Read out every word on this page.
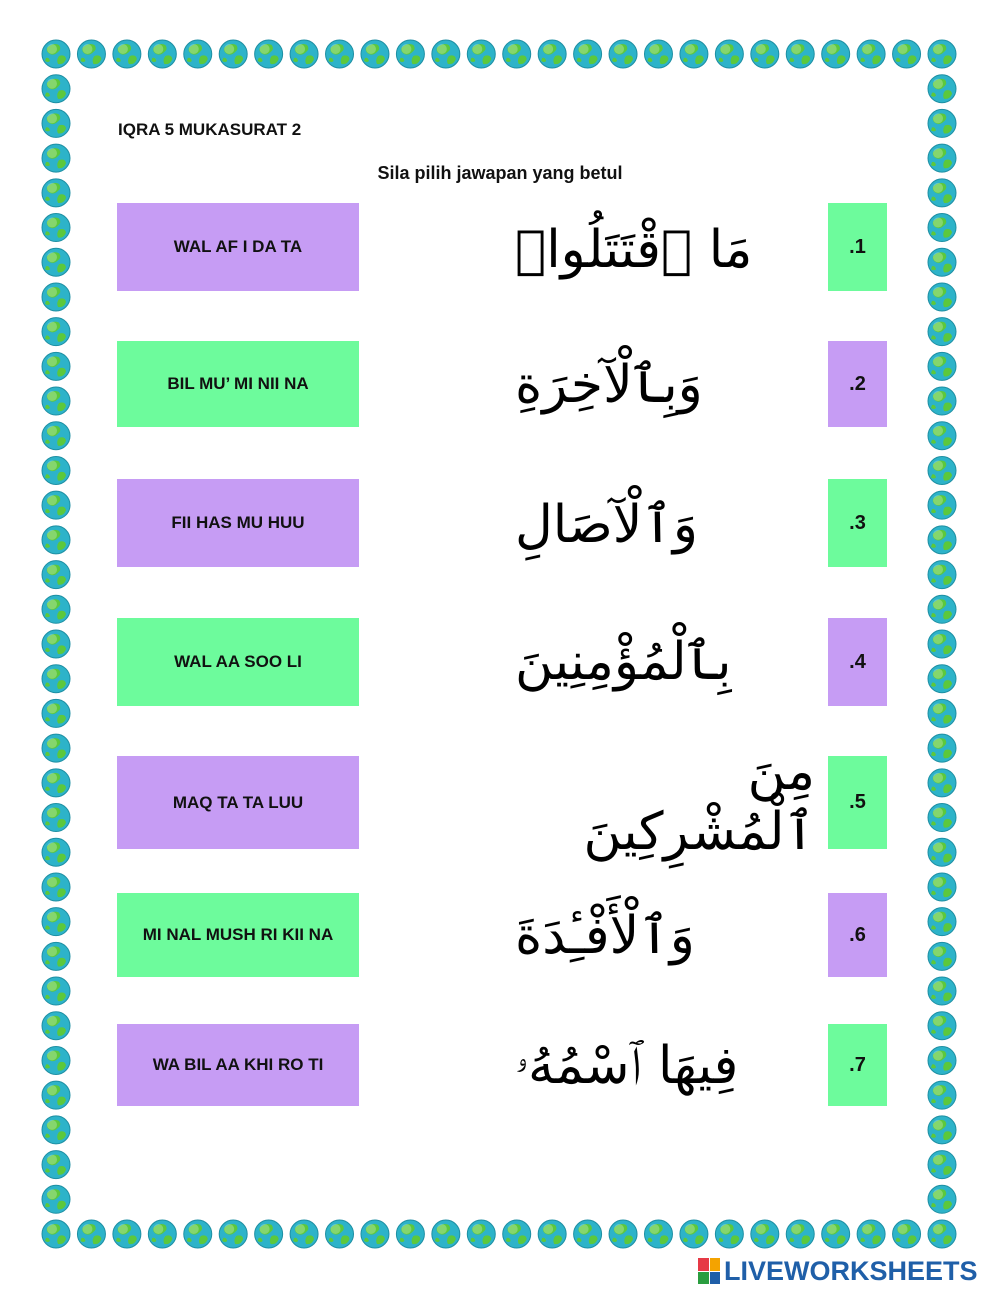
IQRA 5 MUKASURAT 2
Sila pilih jawapan yang betul
WAL AF I DA TA
BIL MU’ MI NII NA
FII HAS MU HUU
WAL AA SOO LI
MAQ TA TA LUU
MI NAL MUSH RI KII NA
WA BIL AA KHI RO TI
مَا ٱقْتَتَلُوا۟
وَبِٱلْآخِرَةِ
وَٱلْآصَالِ
بِٱلْمُؤْمِنِينَ
مِنَ ٱلْمُشْرِكِينَ
وَٱلْأَفْـِٔدَةَ
فِيهَا ٱسْمُهُۥ
.1
.2
.3
.4
.5
.6
.7
LIVEWORKSHEETS
